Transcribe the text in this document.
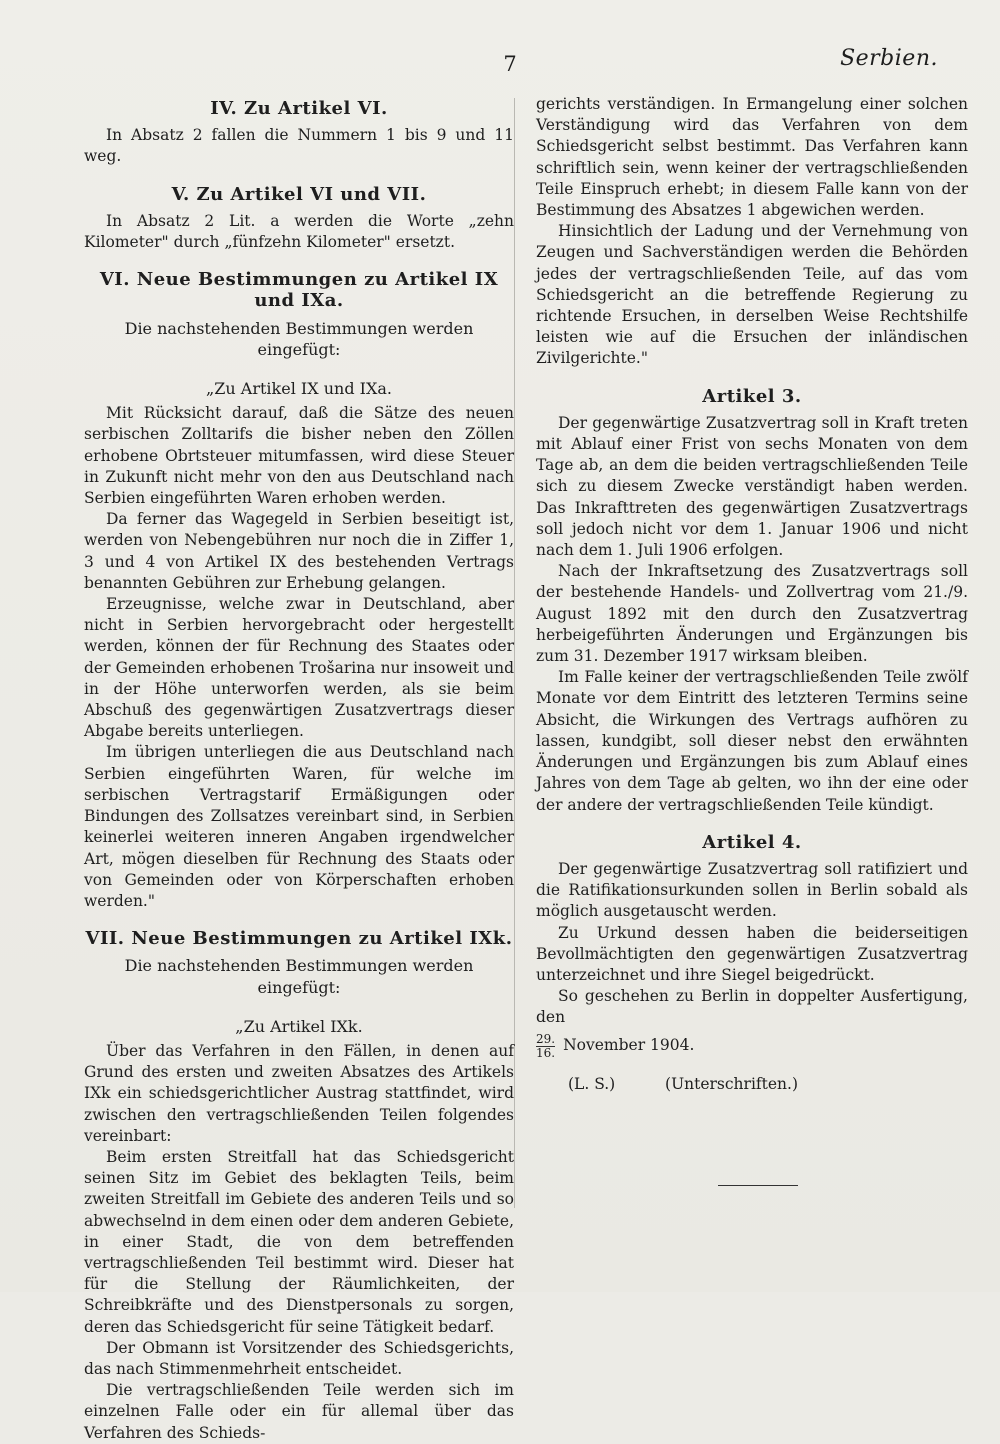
7	Serbien.
IV. Zu Artikel VI.

In Absatz 2 fallen die Nummern 1 bis 9 und 11 weg.

V. Zu Artikel VI und VII.

In Absatz 2 Lit. a werden die Worte „zehn Kilometer" durch „fünfzehn Kilometer" ersetzt.

VI. Neue Bestimmungen zu Artikel IX und IXa.
Die nachstehenden Bestimmungen werden eingefügt:
„Zu Artikel IX und IXa.

Mit Rücksicht darauf, daß die Sätze des neuen serbischen Zolltarifs die bisher neben den Zöllen erhobene Obrtsteuer mitumfassen, wird diese Steuer in Zukunft nicht mehr von den aus Deutschland nach Serbien eingeführten Waren erhoben werden.

Da ferner das Wagegeld in Serbien beseitigt ist, werden von Nebengebühren nur noch die in Ziffer 1, 3 und 4 von Artikel IX des bestehenden Vertrags benannten Gebühren zur Erhebung gelangen.

Erzeugnisse, welche zwar in Deutschland, aber nicht in Serbien hervorgebracht oder hergestellt werden, können der für Rechnung des Staates oder der Gemeinden erhobenen Trošarina nur insoweit und in der Höhe unterworfen werden, als sie beim Abschuß des gegenwärtigen Zusatzvertrags dieser Abgabe bereits unterliegen.

Im übrigen unterliegen die aus Deutschland nach Serbien eingeführten Waren, für welche im serbischen Vertragstarif Ermäßigungen oder Bindungen des Zollsatzes vereinbart sind, in Serbien keinerlei weiteren inneren Angaben irgendwelcher Art, mögen dieselben für Rechnung des Staats oder von Gemeinden oder von Körperschaften erhoben werden."

VII. Neue Bestimmungen zu Artikel IXk.
Die nachstehenden Bestimmungen werden eingefügt:
„Zu Artikel IXk.

Über das Verfahren in den Fällen, in denen auf Grund des ersten und zweiten Absatzes des Artikels IXk ein schiedsgerichtlicher Austrag stattfindet, wird zwischen den vertragschließenden Teilen folgendes vereinbart:

Beim ersten Streitfall hat das Schiedsgericht seinen Sitz im Gebiet des beklagten Teils, beim zweiten Streitfall im Gebiete des anderen Teils und so abwechselnd in dem einen oder dem anderen Gebiete, in einer Stadt, die von dem betreffenden vertragschließenden Teil bestimmt wird. Dieser hat für die Stellung der Räumlichkeiten, der Schreibkräfte und des Dienstpersonals zu sorgen, deren das Schiedsgericht für seine Tätigkeit bedarf.

Der Obmann ist Vorsitzender des Schiedsgerichts, das nach Stimmenmehrheit entscheidet.

Die vertragschließenden Teile werden sich im einzelnen Falle oder ein für allemal über das Verfahren des Schieds-

gerichts verständigen. In Ermangelung einer solchen Verständigung wird das Verfahren von dem Schiedsgericht selbst bestimmt. Das Verfahren kann schriftlich sein, wenn keiner der vertragschließenden Teile Einspruch erhebt; in diesem Falle kann von der Bestimmung des Absatzes 1 abgewichen werden.

Hinsichtlich der Ladung und der Vernehmung von Zeugen und Sachverständigen werden die Behörden jedes der vertragschließenden Teile, auf das vom Schiedsgericht an die betreffende Regierung zu richtende Ersuchen, in derselben Weise Rechtshilfe leisten wie auf die Ersuchen der inländischen Zivilgerichte."

Artikel 3.

Der gegenwärtige Zusatzvertrag soll in Kraft treten mit Ablauf einer Frist von sechs Monaten von dem Tage ab, an dem die beiden vertragschließenden Teile sich zu diesem Zwecke verständigt haben werden. Das Inkrafttreten des gegenwärtigen Zusatzvertrags soll jedoch nicht vor dem 1. Januar 1906 und nicht nach dem 1. Juli 1906 erfolgen.

Nach der Inkraftsetzung des Zusatzvertrags soll der bestehende Handels- und Zollvertrag vom 21./9. August 1892 mit den durch den Zusatzvertrag herbeigeführten Änderungen und Ergänzungen bis zum 31. Dezember 1917 wirksam bleiben.

Im Falle keiner der vertragschließenden Teile zwölf Monate vor dem Eintritt des letzteren Termins seine Absicht, die Wirkungen des Vertrags aufhören zu lassen, kundgibt, soll dieser nebst den erwähnten Änderungen und Ergänzungen bis zum Ablauf eines Jahres von dem Tage ab gelten, wo ihn der eine oder der andere der vertragschließenden Teile kündigt.

Artikel 4.

Der gegenwärtige Zusatzvertrag soll ratifiziert und die Ratifikationsurkunden sollen in Berlin sobald als möglich ausgetauscht werden.

Zu Urkund dessen haben die beiderseitigen Bevollmächtigten den gegenwärtigen Zusatzvertrag unterzeichnet und ihre Siegel beigedrückt.

So geschehen zu Berlin in doppelter Ausfertigung, den

$\frac{29.}{16.}$ November 1904.
(L. S.)	(Unterschriften.)
